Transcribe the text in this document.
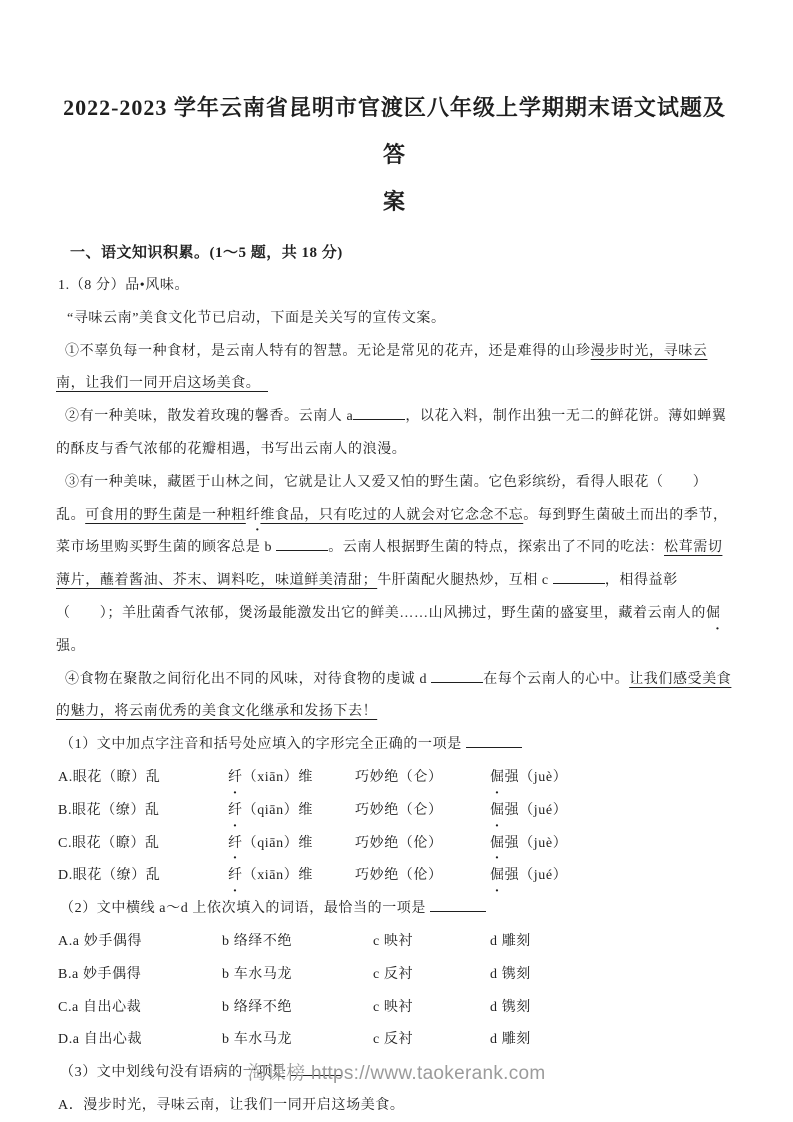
2022-2023 学年云南省昆明市官渡区八年级上学期期末语文试题及答
案
一、语文知识积累。(1～5 题，共 18 分)

1.（8 分）品•风味。

“寻味云南”美食文化节已启动，下面是关关写的宣传文案。

①不辜负每一种食材，是云南人特有的智慧。无论是常见的花卉，还是难得的山珍漫步时光，寻味云南，让我们一同开启这场美食。　

②有一种美味，散发着玫瑰的馨香。云南人 a	，以花入料，制作出独一无二的鲜花饼。薄如蝉翼的酥皮与香气浓郁的花瓣相遇，书写出云南人的浪漫。

③有一种美味，藏匿于山林之间，它就是让人又爱又怕的野生菌。它色彩缤纷，看得人眼花（　　）乱。可食用的野生菌是一种粗纤维食品，只有吃过的人就会对它念念不忘。每到野生菌破土而出的季节，菜市场里购买野生菌的顾客总是 b	。云南人根据野生菌的特点，探索出了不同的吃法：松茸需切薄片，蘸着酱油、芥末、调料吃，味道鲜美清甜；牛肝菌配火腿热炒，互相 c	，相得益彰（　　）；羊肚菌香气浓郁，煲汤最能激发出它的鲜美……山风拂过，野生菌的盛宴里，藏着云南人的倔强。

④食物在聚散之间衍化出不同的风味，对待食物的虔诚 d	在每个云南人的心中。让我们感受美食的魅力，将云南优秀的美食文化继承和发扬下去！

（1）文中加点字注音和括号处应填入的字形完全正确的一项是

A.眼花（瞭）乱	纤（xiān）维	巧妙绝（仑）	倔强（juè）
B.眼花（缭）乱	纤（qiān）维	巧妙绝（仑）	倔强（jué）
C.眼花（瞭）乱	纤（qiān）维	巧妙绝（伦）	倔强（juè）
D.眼花（缭）乱	纤（xiān）维	巧妙绝（伦）	倔强（jué）

（2）文中横线 a～d 上依次填入的词语，最恰当的一项是

A.a 妙手偶得	b 络绎不绝	c 映衬	d 雕刻
B.a 妙手偶得	b 车水马龙	c 反衬	d 镌刻
C.a 自出心裁	b 络绎不绝	c 映衬	d 镌刻
D.a 自出心裁	b 车水马龙	c 反衬	d 雕刻

（3）文中划线句没有语病的一项是

A．漫步时光，寻味云南，让我们一同开启这场美食。

淘课榜 https://www.taokerank.com
